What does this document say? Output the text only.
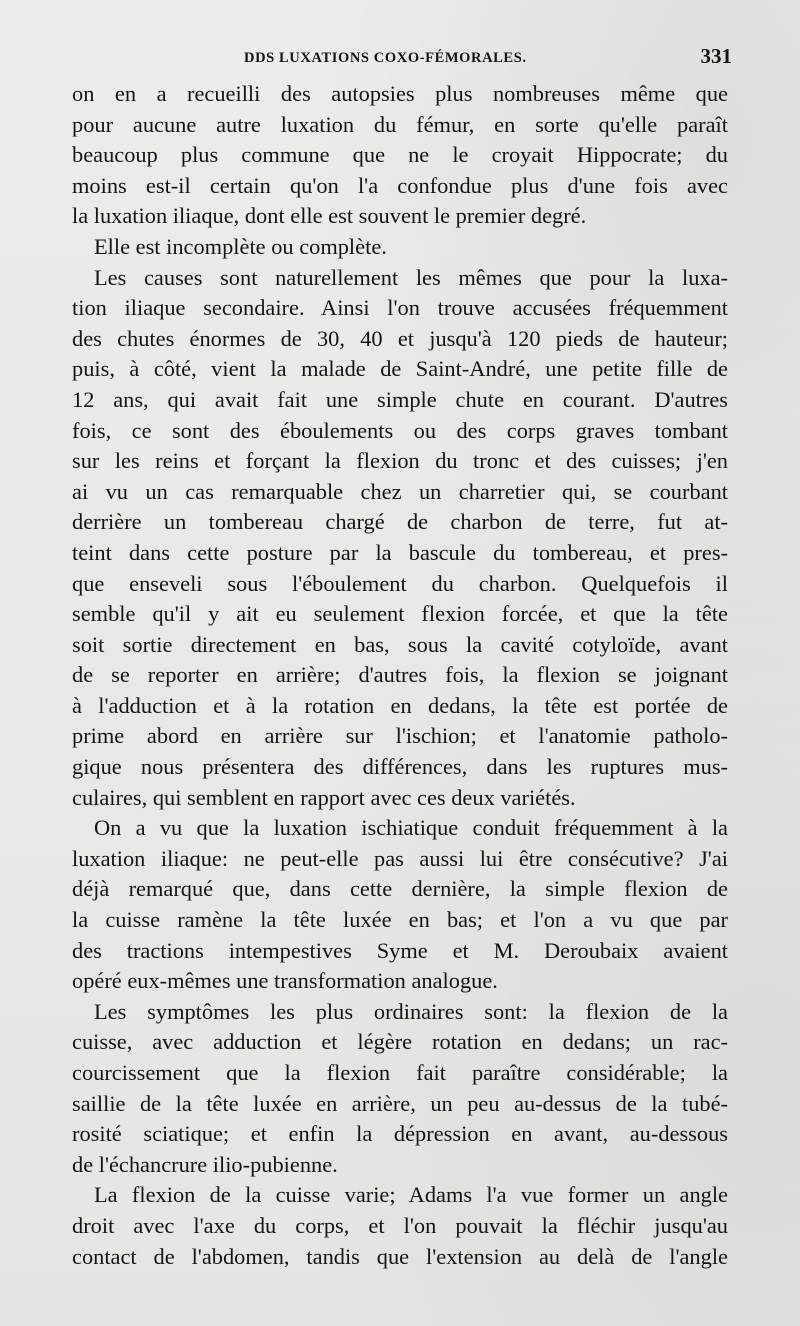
DDS LUXATIONS COXO-FÉMORALES.	331
on en a recueilli des autopsies plus nombreuses même que
pour aucune autre luxation du fémur, en sorte qu'elle paraît
beaucoup plus commune que ne le croyait Hippocrate; du
moins est-il certain qu'on l'a confondue plus d'une fois avec
la luxation iliaque, dont elle est souvent le premier degré.
Elle est incomplète ou complète.
Les causes sont naturellement les mêmes que pour la luxa-
tion iliaque secondaire. Ainsi l'on trouve accusées fréquemment
des chutes énormes de 30, 40 et jusqu'à 120 pieds de hauteur;
puis, à côté, vient la malade de Saint-André, une petite fille de
12 ans, qui avait fait une simple chute en courant. D'autres
fois, ce sont des éboulements ou des corps graves tombant
sur les reins et forçant la flexion du tronc et des cuisses; j'en
ai vu un cas remarquable chez un charretier qui, se courbant
derrière un tombereau chargé de charbon de terre, fut at-
teint dans cette posture par la bascule du tombereau, et pres-
que enseveli sous l'éboulement du charbon. Quelquefois il
semble qu'il y ait eu seulement flexion forcée, et que la tête
soit sortie directement en bas, sous la cavité cotyloïde, avant
de se reporter en arrière; d'autres fois, la flexion se joignant
à l'adduction et à la rotation en dedans, la tête est portée de
prime abord en arrière sur l'ischion; et l'anatomie patholo-
gique nous présentera des différences, dans les ruptures mus-
culaires, qui semblent en rapport avec ces deux variétés.
On a vu que la luxation ischiatique conduit fréquemment à la
luxation iliaque: ne peut-elle pas aussi lui être consécutive? J'ai
déjà remarqué que, dans cette dernière, la simple flexion de
la cuisse ramène la tête luxée en bas; et l'on a vu que par
des tractions intempestives Syme et M. Deroubaix avaient
opéré eux-mêmes une transformation analogue.
Les symptômes les plus ordinaires sont: la flexion de la
cuisse, avec adduction et légère rotation en dedans; un rac-
courcissement que la flexion fait paraître considérable; la
saillie de la tête luxée en arrière, un peu au-dessus de la tubé-
rosité sciatique; et enfin la dépression en avant, au-dessous
de l'échancrure ilio-pubienne.
La flexion de la cuisse varie; Adams l'a vue former un angle
droit avec l'axe du corps, et l'on pouvait la fléchir jusqu'au
contact de l'abdomen, tandis que l'extension au delà de l'angle
